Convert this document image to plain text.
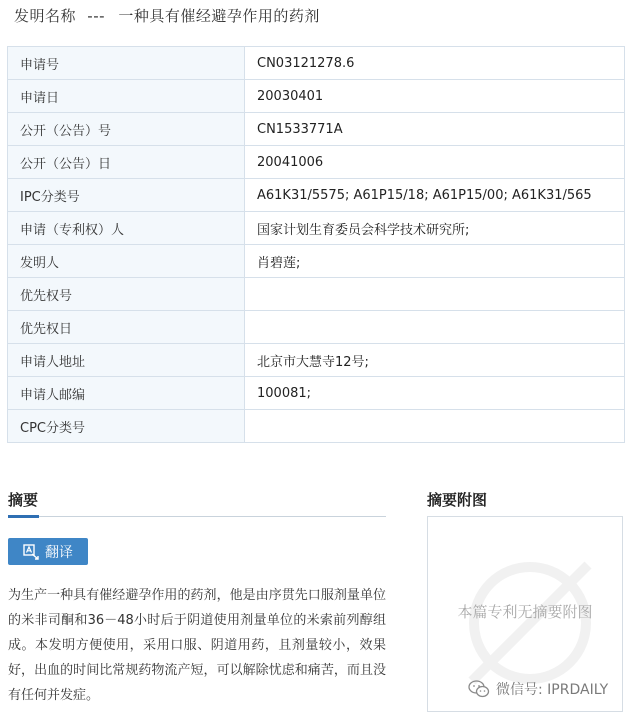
发明名称 --- 一种具有催经避孕作用的药剂
申请号	CN03121278.6
申请日	20030401
公开（公告）号	CN1533771A
公开（公告）日	20041006
IPC分类号	A61K31/5575; A61P15/18; A61P15/00; A61K31/565
申请（专利权）人	国家计划生育委员会科学技术研究所;
发明人	肖碧莲;
优先权号	
优先权日	
申请人地址	北京市大慧寺12号;
申请人邮编	100081;
CPC分类号	
摘要
翻译
为生产一种具有催经避孕作用的药剂，他是由序贯先口服剂量单位的米非司酮和36－48小时后于阴道使用剂量单位的米索前列醇组成。本发明方便使用，采用口服、阴道用药，且剂量较小，效果好，出血的时间比常规药物流产短，可以解除忧虑和痛苦，而且没有任何并发症。
摘要附图
本篇专利无摘要附图
微信号: IPRDAILY
